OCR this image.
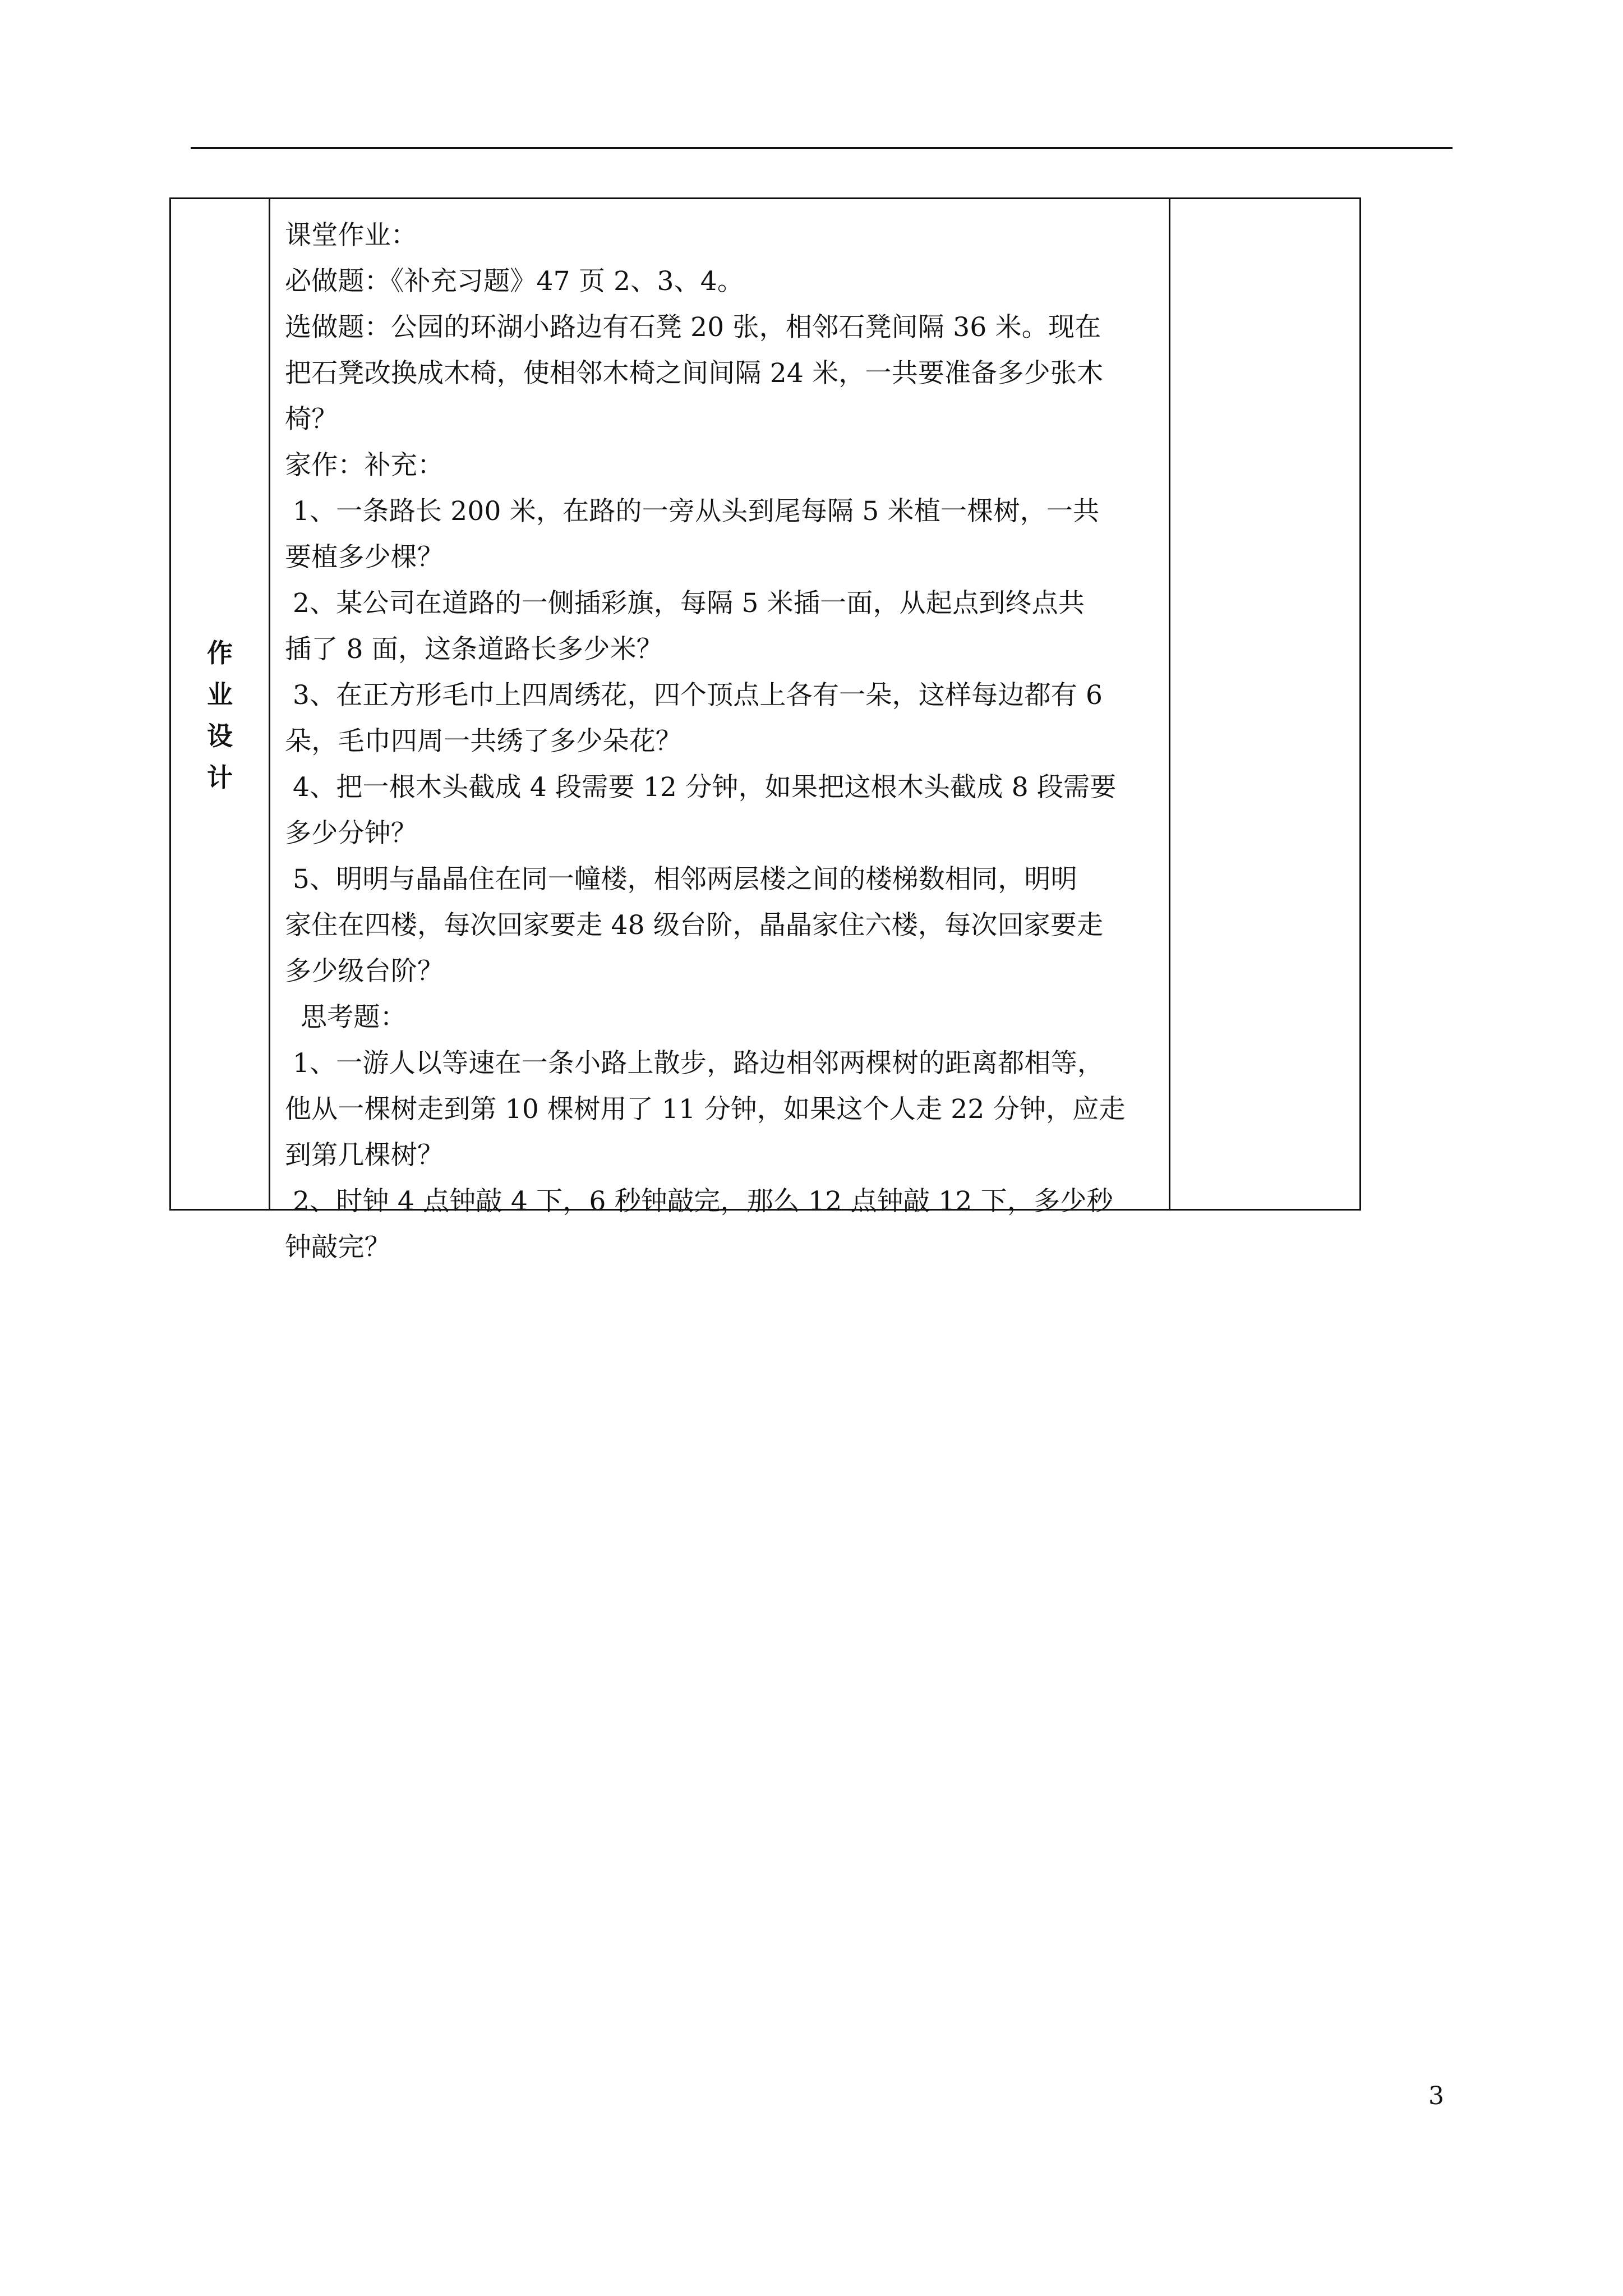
作
业
设
计
课堂作业：
必做题：《补充习题》47 页 2、3、4。
选做题：公园的环湖小路边有石凳 20 张，相邻石凳间隔 36 米。现在
把石凳改换成木椅，使相邻木椅之间间隔 24 米，一共要准备多少张木
椅？
家作：补充：
1、一条路长 200 米，在路的一旁从头到尾每隔 5 米植一棵树，一共
要植多少棵？
2、某公司在道路的一侧插彩旗，每隔 5 米插一面，从起点到终点共
插了 8 面，这条道路长多少米？
3、在正方形毛巾上四周绣花，四个顶点上各有一朵，这样每边都有 6
朵，毛巾四周一共绣了多少朵花？
4、把一根木头截成 4 段需要 12 分钟，如果把这根木头截成 8 段需要
多少分钟？
5、明明与晶晶住在同一幢楼，相邻两层楼之间的楼梯数相同，明明
家住在四楼，每次回家要走 48 级台阶，晶晶家住六楼，每次回家要走
多少级台阶？
思考题：
1、一游人以等速在一条小路上散步，路边相邻两棵树的距离都相等，
他从一棵树走到第 10 棵树用了 11 分钟，如果这个人走 22 分钟，应走
到第几棵树？
2、时钟 4 点钟敲 4 下，6 秒钟敲完，那么 12 点钟敲 12 下，多少秒
钟敲完？
3
